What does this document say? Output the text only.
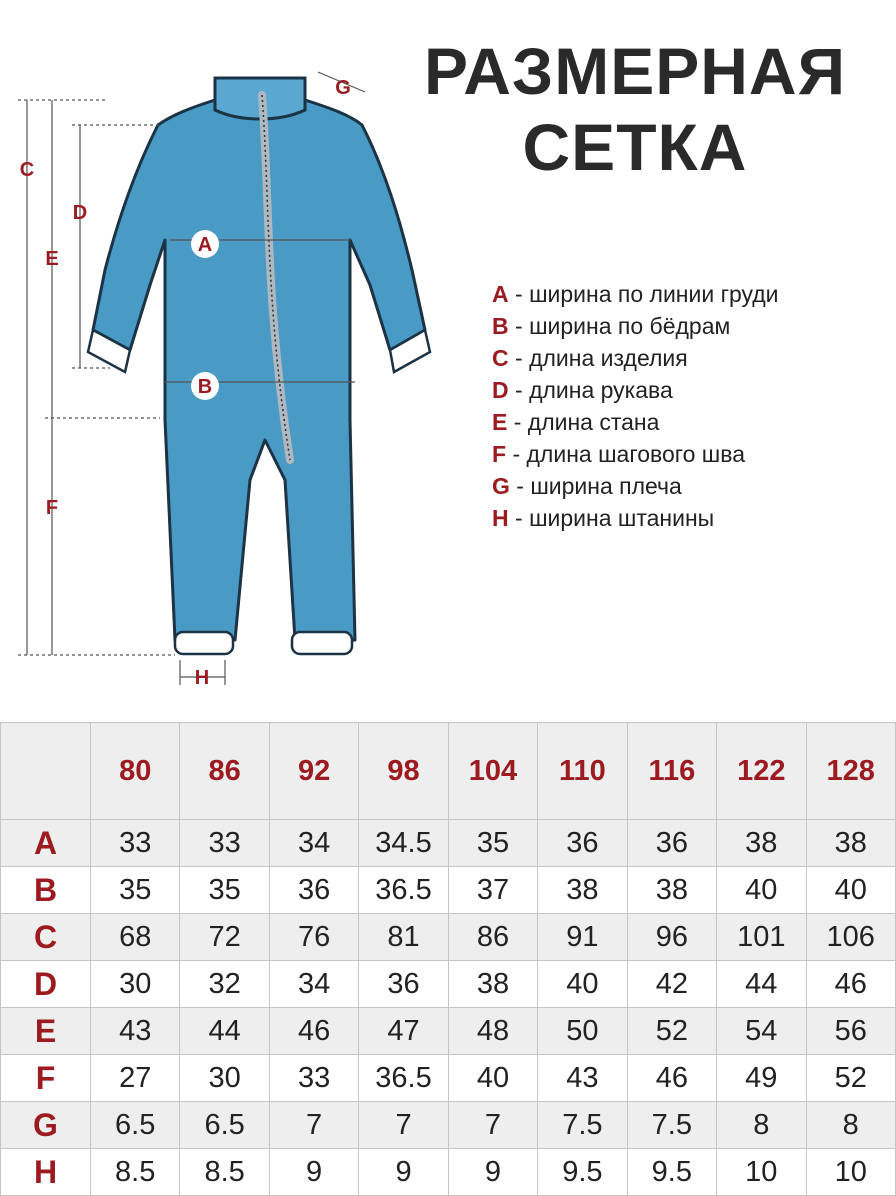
РАЗМЕРНАЯ
СЕТКА
A
B
C
D
E
F
G
H
A - ширина по линии груди
B - ширина по бёдрам
C - длина изделия
D - длина рукава
E - длина стана
F - длина шагового шва
G - ширина плеча
H - ширина штанины
	80	86	92	98	104	110	116	122	128
A	33	33	34	34.5	35	36	36	38	38
B	35	35	36	36.5	37	38	38	40	40
C	68	72	76	81	86	91	96	101	106
D	30	32	34	36	38	40	42	44	46
E	43	44	46	47	48	50	52	54	56
F	27	30	33	36.5	40	43	46	49	52
G	6.5	6.5	7	7	7	7.5	7.5	8	8
H	8.5	8.5	9	9	9	9.5	9.5	10	10
